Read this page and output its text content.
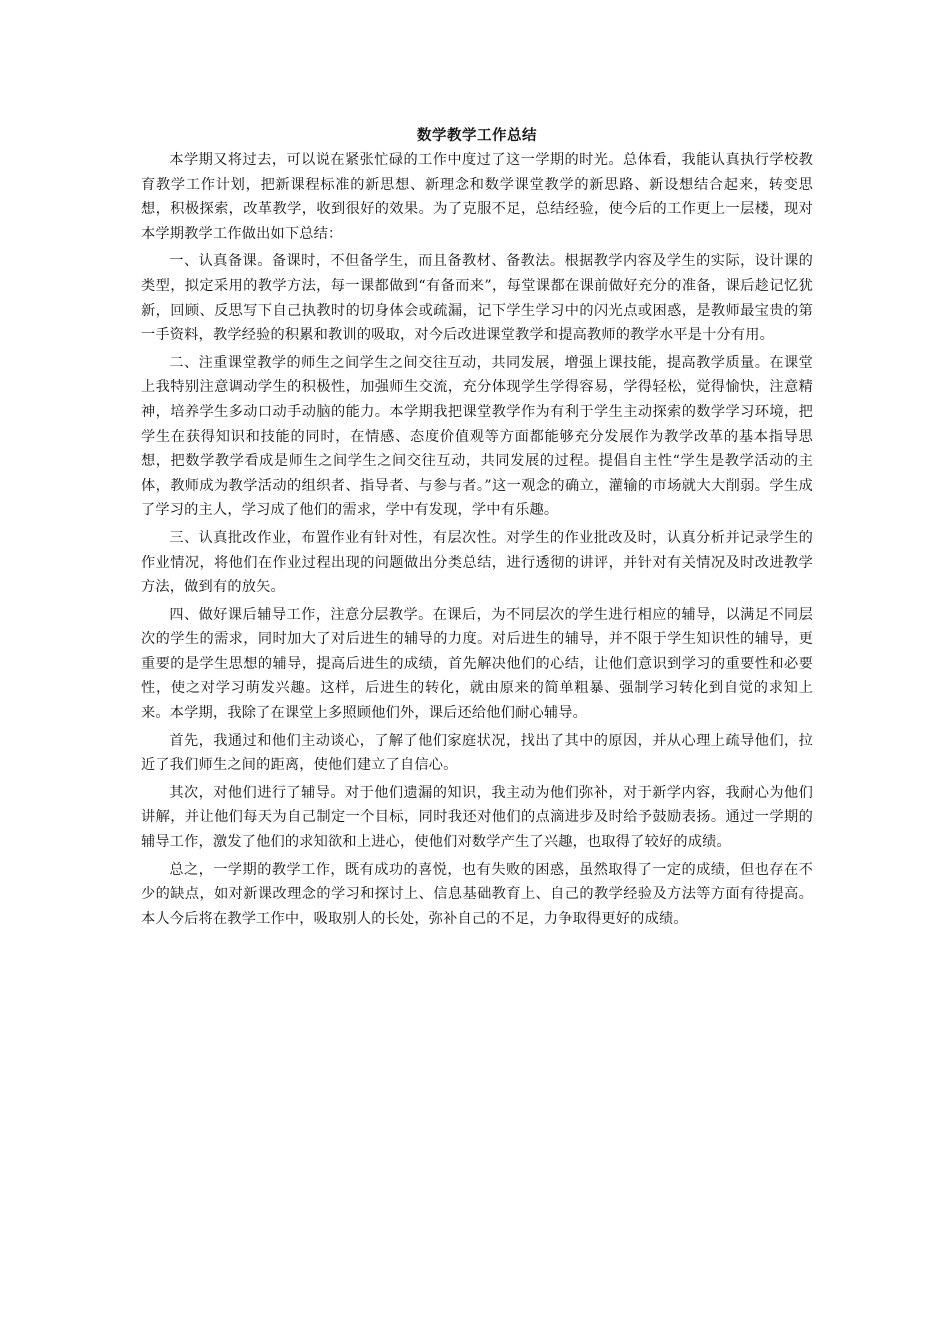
数学教学工作总结

本学期又将过去，可以说在紧张忙碌的工作中度过了这一学期的时光。总体看，我能认真执行学校教育教学工作计划，把新课程标准的新思想、新理念和数学课堂教学的新思路、新设想结合起来，转变思想，积极探索，改革教学，收到很好的效果。为了克服不足，总结经验，使今后的工作更上一层楼，现对本学期教学工作做出如下总结：

一、认真备课。备课时，不但备学生，而且备教材、备教法。根据教学内容及学生的实际，设计课的类型，拟定采用的教学方法，每一课都做到“有备而来”，每堂课都在课前做好充分的准备，课后趁记忆犹新，回顾、反思写下自己执教时的切身体会或疏漏，记下学生学习中的闪光点或困惑，是教师最宝贵的第一手资料，教学经验的积累和教训的吸取，对今后改进课堂教学和提高教师的教学水平是十分有用。

二、注重课堂教学的师生之间学生之间交往互动，共同发展，增强上课技能，提高教学质量。在课堂上我特别注意调动学生的积极性，加强师生交流，充分体现学生学得容易，学得轻松，觉得愉快，注意精神，培养学生多动口动手动脑的能力。本学期我把课堂教学作为有利于学生主动探索的数学学习环境，把学生在获得知识和技能的同时，在情感、态度价值观等方面都能够充分发展作为教学改革的基本指导思想，把数学教学看成是师生之间学生之间交往互动，共同发展的过程。提倡自主性“学生是教学活动的主体，教师成为教学活动的组织者、指导者、与参与者。”这一观念的确立，灌输的市场就大大削弱。学生成了学习的主人，学习成了他们的需求，学中有发现，学中有乐趣。

三、认真批改作业，布置作业有针对性，有层次性。对学生的作业批改及时，认真分析并记录学生的作业情况，将他们在作业过程出现的问题做出分类总结，进行透彻的讲评，并针对有关情况及时改进教学方法，做到有的放矢。

四、做好课后辅导工作，注意分层教学。在课后，为不同层次的学生进行相应的辅导，以满足不同层次的学生的需求，同时加大了对后进生的辅导的力度。对后进生的辅导，并不限于学生知识性的辅导，更重要的是学生思想的辅导，提高后进生的成绩，首先解决他们的心结，让他们意识到学习的重要性和必要性，使之对学习萌发兴趣。这样，后进生的转化，就由原来的简单粗暴、强制学习转化到自觉的求知上来。本学期，我除了在课堂上多照顾他们外，课后还给他们耐心辅导。

首先，我通过和他们主动谈心，了解了他们家庭状况，找出了其中的原因，并从心理上疏导他们，拉近了我们师生之间的距离，使他们建立了自信心。

其次，对他们进行了辅导。对于他们遗漏的知识，我主动为他们弥补，对于新学内容，我耐心为他们讲解，并让他们每天为自己制定一个目标，同时我还对他们的点滴进步及时给予鼓励表扬。通过一学期的辅导工作，激发了他们的求知欲和上进心，使他们对数学产生了兴趣，也取得了较好的成绩。

总之，一学期的教学工作，既有成功的喜悦，也有失败的困惑，虽然取得了一定的成绩，但也存在不少的缺点，如对新课改理念的学习和探讨上、信息基础教育上、自己的教学经验及方法等方面有待提高。本人今后将在教学工作中，吸取别人的长处，弥补自己的不足，力争取得更好的成绩。
